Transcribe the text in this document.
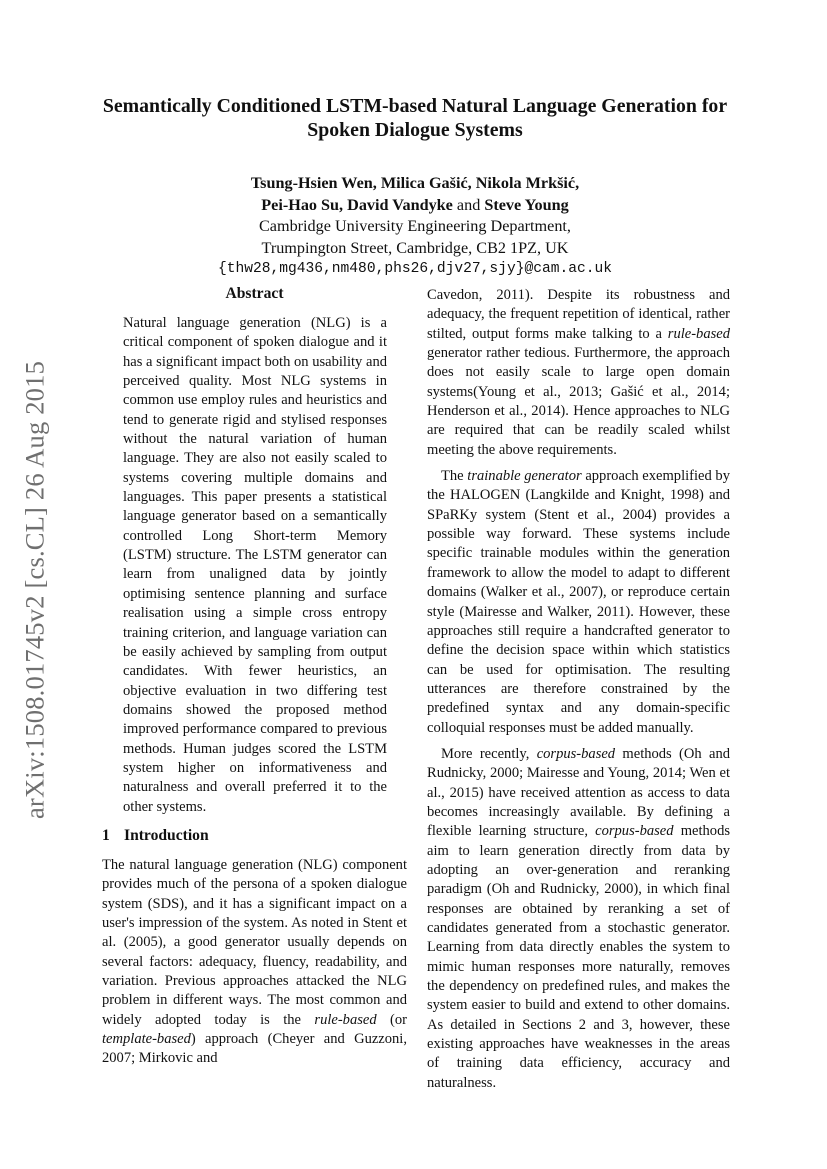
arXiv:1508.01745v2 [cs.CL] 26 Aug 2015
Semantically Conditioned LSTM-based Natural Language Generation for
Spoken Dialogue Systems
Tsung-Hsien Wen, Milica Gašić, Nikola Mrkšić,
Pei-Hao Su, David Vandyke and Steve Young
Cambridge University Engineering Department,
Trumpington Street, Cambridge, CB2 1PZ, UK
{thw28,mg436,nm480,phs26,djv27,sjy}@cam.ac.uk
Abstract

Natural language generation (NLG) is a critical component of spoken dialogue and it has a significant impact both on usability and perceived quality. Most NLG systems in common use employ rules and heuristics and tend to generate rigid and stylised responses without the natural variation of human language. They are also not easily scaled to systems covering multiple domains and languages. This paper presents a statistical language generator based on a semantically controlled Long Short-term Memory (LSTM) structure. The LSTM generator can learn from unaligned data by jointly optimising sentence planning and surface realisation using a simple cross entropy training criterion, and language variation can be easily achieved by sampling from output candidates. With fewer heuristics, an objective evaluation in two differing test domains showed the proposed method improved performance compared to previous methods. Human judges scored the LSTM system higher on informativeness and naturalness and overall preferred it to the other systems.

1 Introduction

The natural language generation (NLG) component provides much of the persona of a spoken dialogue system (SDS), and it has a significant impact on a user's impression of the system. As noted in Stent et al. (2005), a good generator usually depends on several factors: adequacy, fluency, readability, and variation. Previous approaches attacked the NLG problem in different ways. The most common and widely adopted today is the rule-based (or template-based) approach (Cheyer and Guzzoni, 2007; Mirkovic and

Cavedon, 2011). Despite its robustness and adequacy, the frequent repetition of identical, rather stilted, output forms make talking to a rule-based generator rather tedious. Furthermore, the approach does not easily scale to large open domain systems(Young et al., 2013; Gašić et al., 2014; Henderson et al., 2014). Hence approaches to NLG are required that can be readily scaled whilst meeting the above requirements.

The trainable generator approach exemplified by the HALOGEN (Langkilde and Knight, 1998) and SPaRKy system (Stent et al., 2004) provides a possible way forward. These systems include specific trainable modules within the generation framework to allow the model to adapt to different domains (Walker et al., 2007), or reproduce certain style (Mairesse and Walker, 2011). However, these approaches still require a handcrafted generator to define the decision space within which statistics can be used for optimisation. The resulting utterances are therefore constrained by the predefined syntax and any domain-specific colloquial responses must be added manually.

More recently, corpus-based methods (Oh and Rudnicky, 2000; Mairesse and Young, 2014; Wen et al., 2015) have received attention as access to data becomes increasingly available. By defining a flexible learning structure, corpus-based methods aim to learn generation directly from data by adopting an over-generation and reranking paradigm (Oh and Rudnicky, 2000), in which final responses are obtained by reranking a set of candidates generated from a stochastic generator. Learning from data directly enables the system to mimic human responses more naturally, removes the dependency on predefined rules, and makes the system easier to build and extend to other domains. As detailed in Sections 2 and 3, however, these existing approaches have weaknesses in the areas of training data efficiency, accuracy and naturalness.
